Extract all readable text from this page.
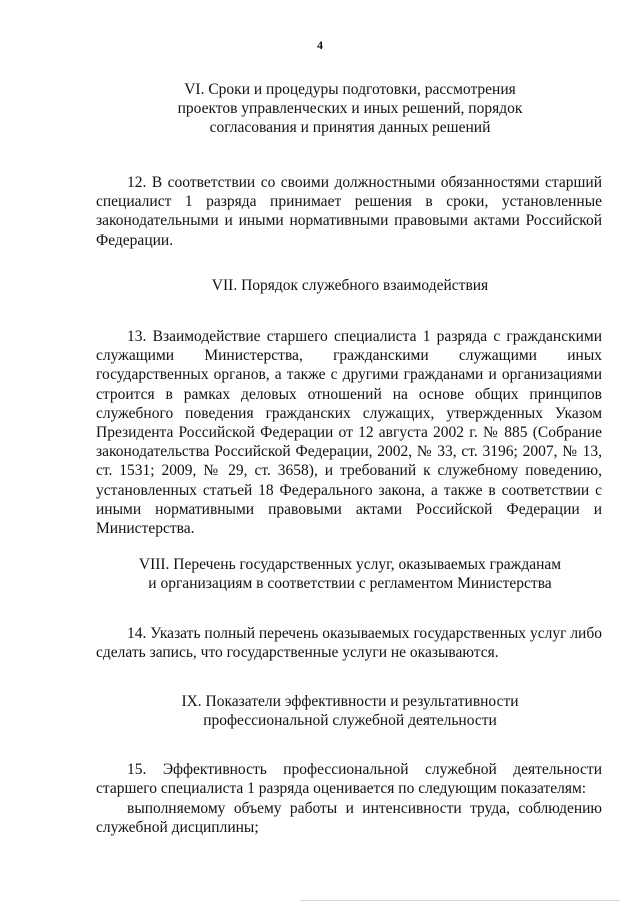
4
VI. Сроки и процедуры подготовки, рассмотрения
проектов управленческих и иных решений, порядок
согласования и принятия данных решений
12. В соответствии со своими должностными обязанностями старший
специалист 1 разряда принимает решения в сроки, установленные
законодательными и иными нормативными правовыми актами Российской
Федерации.
VII. Порядок служебного взаимодействия
13. Взаимодействие старшего специалиста 1 разряда с гражданскими
служащими Министерства, гражданскими служащими иных
государственных органов, а также с другими гражданами и организациями
строится в рамках деловых отношений на основе общих принципов
служебного поведения гражданских служащих, утвержденных Указом
Президента Российской Федерации от 12 августа 2002 г. № 885 (Собрание
законодательства Российской Федерации, 2002, № 33, ст. 3196; 2007, № 13,
ст. 1531; 2009, № 29, ст. 3658), и требований к служебному поведению,
установленных статьей 18 Федерального закона, а также в соответствии с
иными нормативными правовыми актами Российской Федерации и
Министерства.
VIII. Перечень государственных услуг, оказываемых гражданам
и организациям в соответствии с регламентом Министерства
14. Указать полный перечень оказываемых государственных услуг либо
сделать запись, что государственные услуги не оказываются.
IX. Показатели эффективности и результативности
профессиональной служебной деятельности
15. Эффективность профессиональной служебной деятельности
старшего специалиста 1 разряда оценивается по следующим показателям:
выполняемому объему работы и интенсивности труда, соблюдению
служебной дисциплины;
